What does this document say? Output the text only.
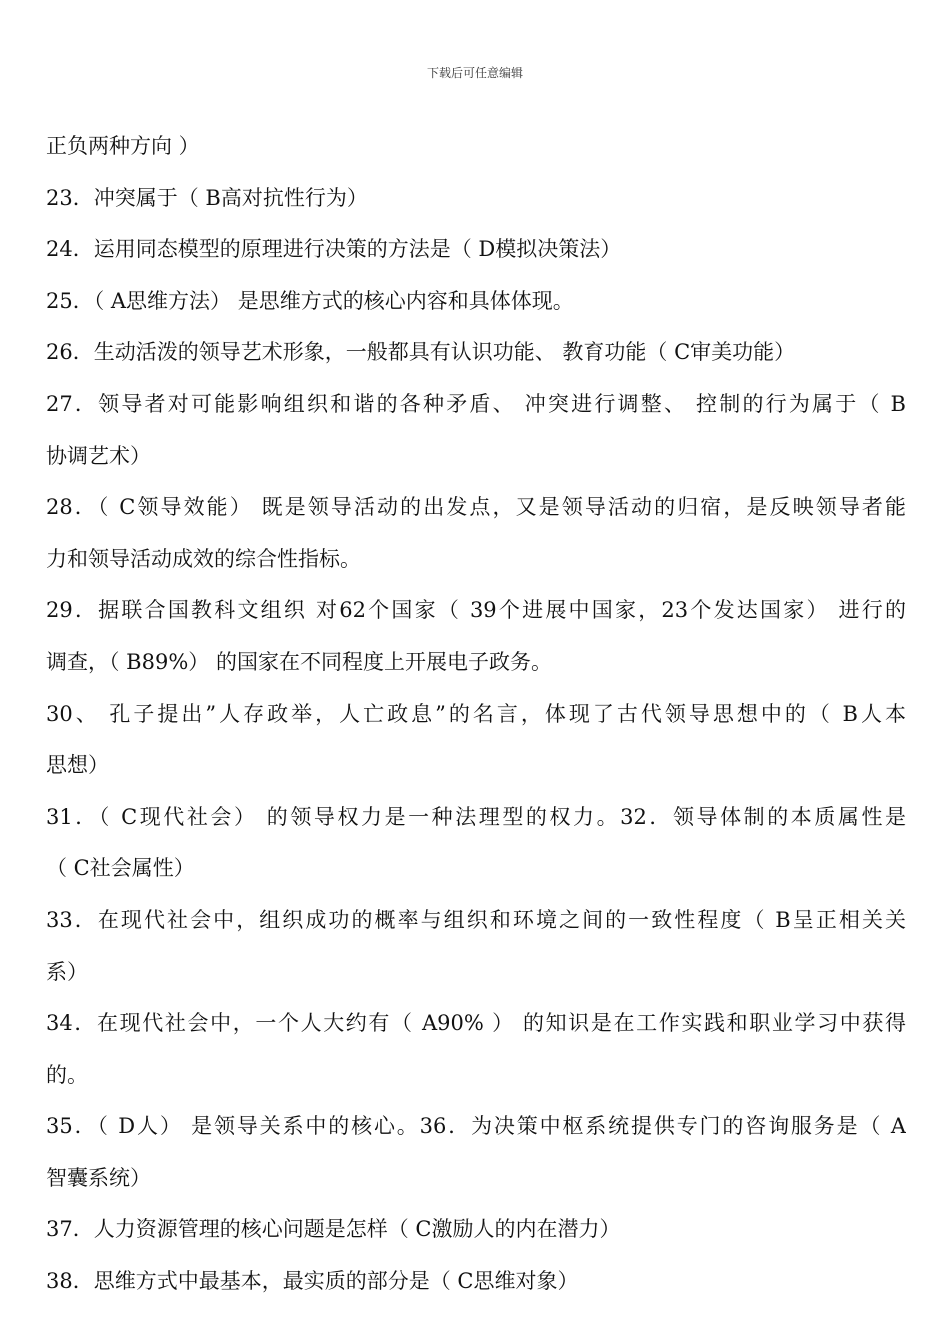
下载后可任意编辑
正负两种方向 ）
23．冲突属于（ B高对抗性行为）
24．运用同态模型的原理进行决策的方法是（ D模拟决策法）
25．（ A思维方法） 是思维方式的核心内容和具体体现。
26．生动活泼的领导艺术形象，一般都具有认识功能、 教育功能（ C审美功能）
27．领导者对可能影响组织和谐的各种矛盾、 冲突进行调整、 控制的行为属于（ B
协调艺术）
28．（ C领导效能） 既是领导活动的出发点，又是领导活动的归宿，是反映领导者能
力和领导活动成效的综合性指标。
29．据联合国教科文组织 对62个国家（ 39个进展中国家，23个发达国家） 进行的
调查，（ B89%） 的国家在不同程度上开展电子政务。
30、 孔子提出”人存政举，人亡政息”的名言，体现了古代领导思想中的（ B人本
思想）
31．（ C现代社会） 的领导权力是一种法理型的权力。32．领导体制的本质属性是
（ C社会属性）
33．在现代社会中，组织成功的概率与组织和环境之间的一致性程度（ B呈正相关关
系）
34．在现代社会中，一个人大约有（ A90% ） 的知识是在工作实践和职业学习中获得
的。
35．（ D人） 是领导关系中的核心。36．为决策中枢系统提供专门的咨询服务是（ A
智囊系统）
37．人力资源管理的核心问题是怎样（ C激励人的内在潜力）
38．思维方式中最基本，最实质的部分是（ C思维对象）
